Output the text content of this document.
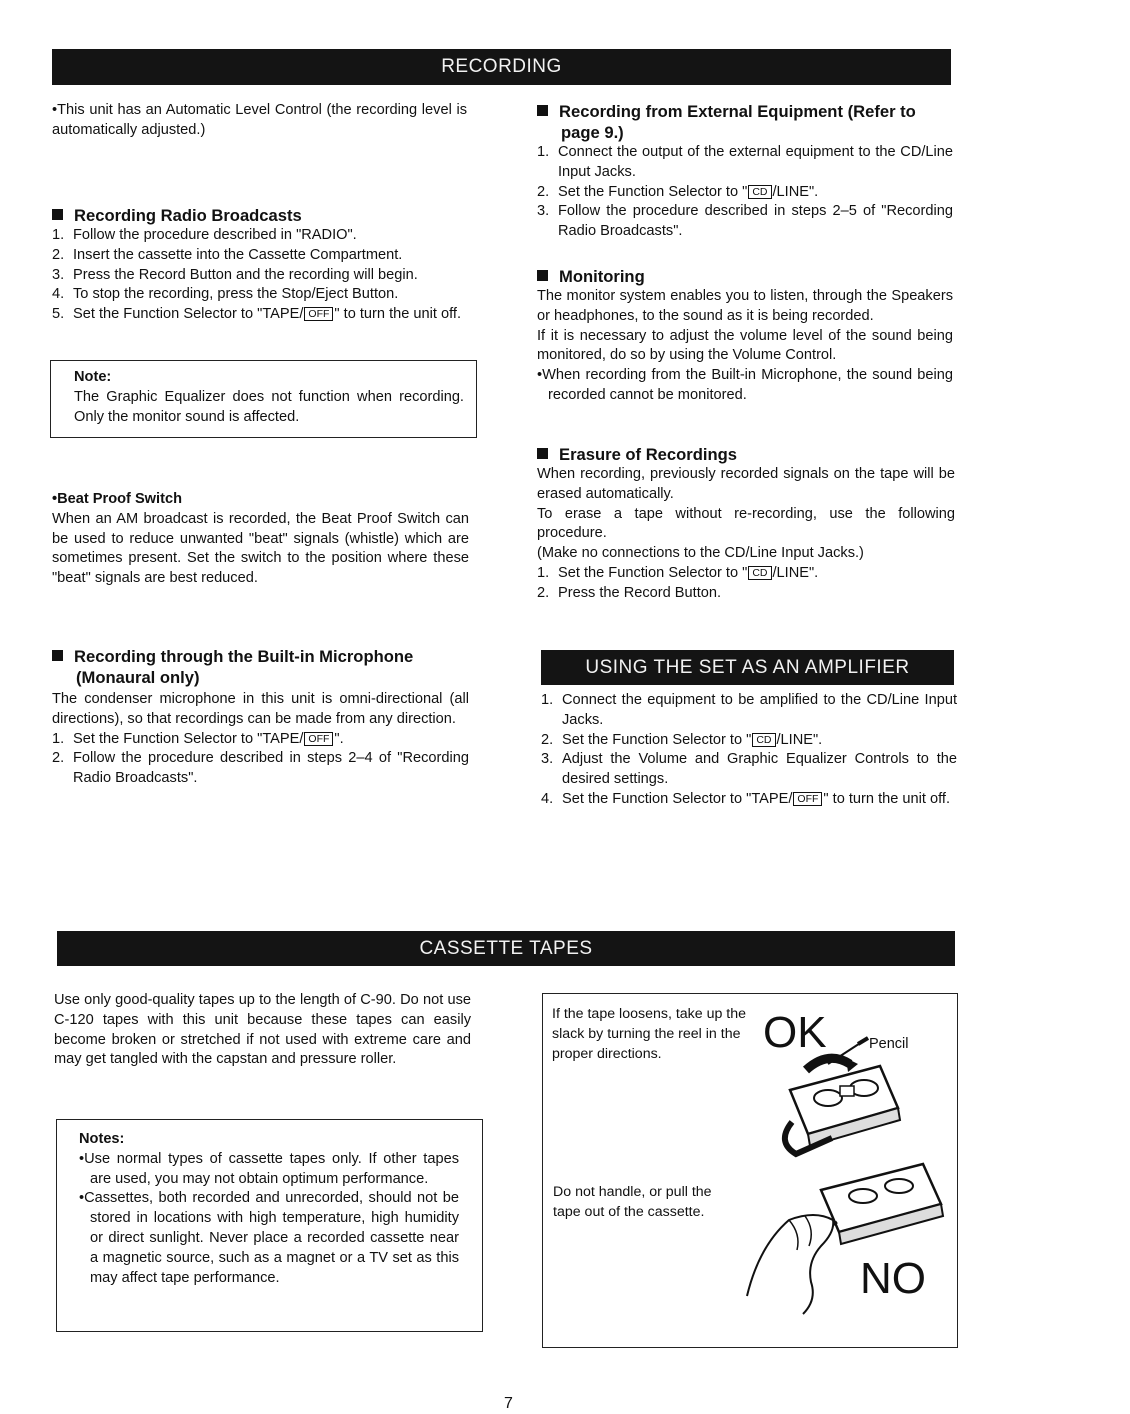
RECORDING

•This unit has an Automatic Level Control (the recording level is automatically adjusted.)

Recording Radio Broadcasts

1. Follow the procedure described in "RADIO".
2. Insert the cassette into the Cassette Compartment.
3. Press the Record Button and the recording will begin.
4. To stop the recording, press the Stop/Eject Button.
5. Set the Function Selector to "TAPE/ OFF " to turn the unit off.

Note:

The Graphic Equalizer does not function when recording. Only the monitor sound is affected.

•Beat Proof Switch

When an AM broadcast is recorded, the Beat Proof Switch can be used to reduce unwanted "beat" signals (whistle) which are sometimes present. Set the switch to the position where these "beat" signals are best reduced.

Recording through the Built-in Microphone (Monaural only)

The condenser microphone in this unit is omni-directional (all directions), so that recordings can be made from any direction.

1. Set the Function Selector to "TAPE/ OFF ".
2. Follow the procedure described in steps 2–4 of "Recording Radio Broadcasts".

Recording from External Equipment (Refer to page 9.)

1. Connect the output of the external equipment to the CD/Line Input Jacks.
2. Set the Function Selector to " CD /LINE".
3. Follow the procedure described in steps 2–5 of "Recording Radio Broadcasts".

Monitoring

The monitor system enables you to listen, through the Speakers or headphones, to the sound as it is being recorded.

If it is necessary to adjust the volume level of the sound being monitored, do so by using the Volume Control.

•When recording from the Built-in Microphone, the sound being recorded cannot be monitored.

Erasure of Recordings

When recording, previously recorded signals on the tape will be erased automatically.

To erase a tape without re-recording, use the following procedure.

(Make no connections to the CD/Line Input Jacks.)

1. Set the Function Selector to " CD /LINE".
2. Press the Record Button.
USING THE SET AS AN AMPLIFIER
1. Connect the equipment to be amplified to the CD/Line Input Jacks.
2. Set the Function Selector to " CD /LINE".
3. Adjust the Volume and Graphic Equalizer Controls to the desired settings.
4. Set the Function Selector to "TAPE/ OFF " to turn the unit off.
CASSETTE TAPES

Use only good-quality tapes up to the length of C-90. Do not use C-120 tapes with this unit because these tapes can easily become broken or stretched if not used with extreme care and may get tangled with the capstan and pressure roller.

Notes:

•Use normal types of cassette tapes only. If other tapes are used, you may not obtain optimum performance.

•Cassettes, both recorded and unrecorded, should not be stored in locations with high temperature, high humidity or direct sunlight. Never place a recorded cassette near a magnetic source, such as a magnet or a TV set as this may affect tape performance.

If the tape loosens, take up the slack by turning the reel in the proper directions.	OK	Pencil

Do not handle, or pull the tape out of the cassette.

NO
7
